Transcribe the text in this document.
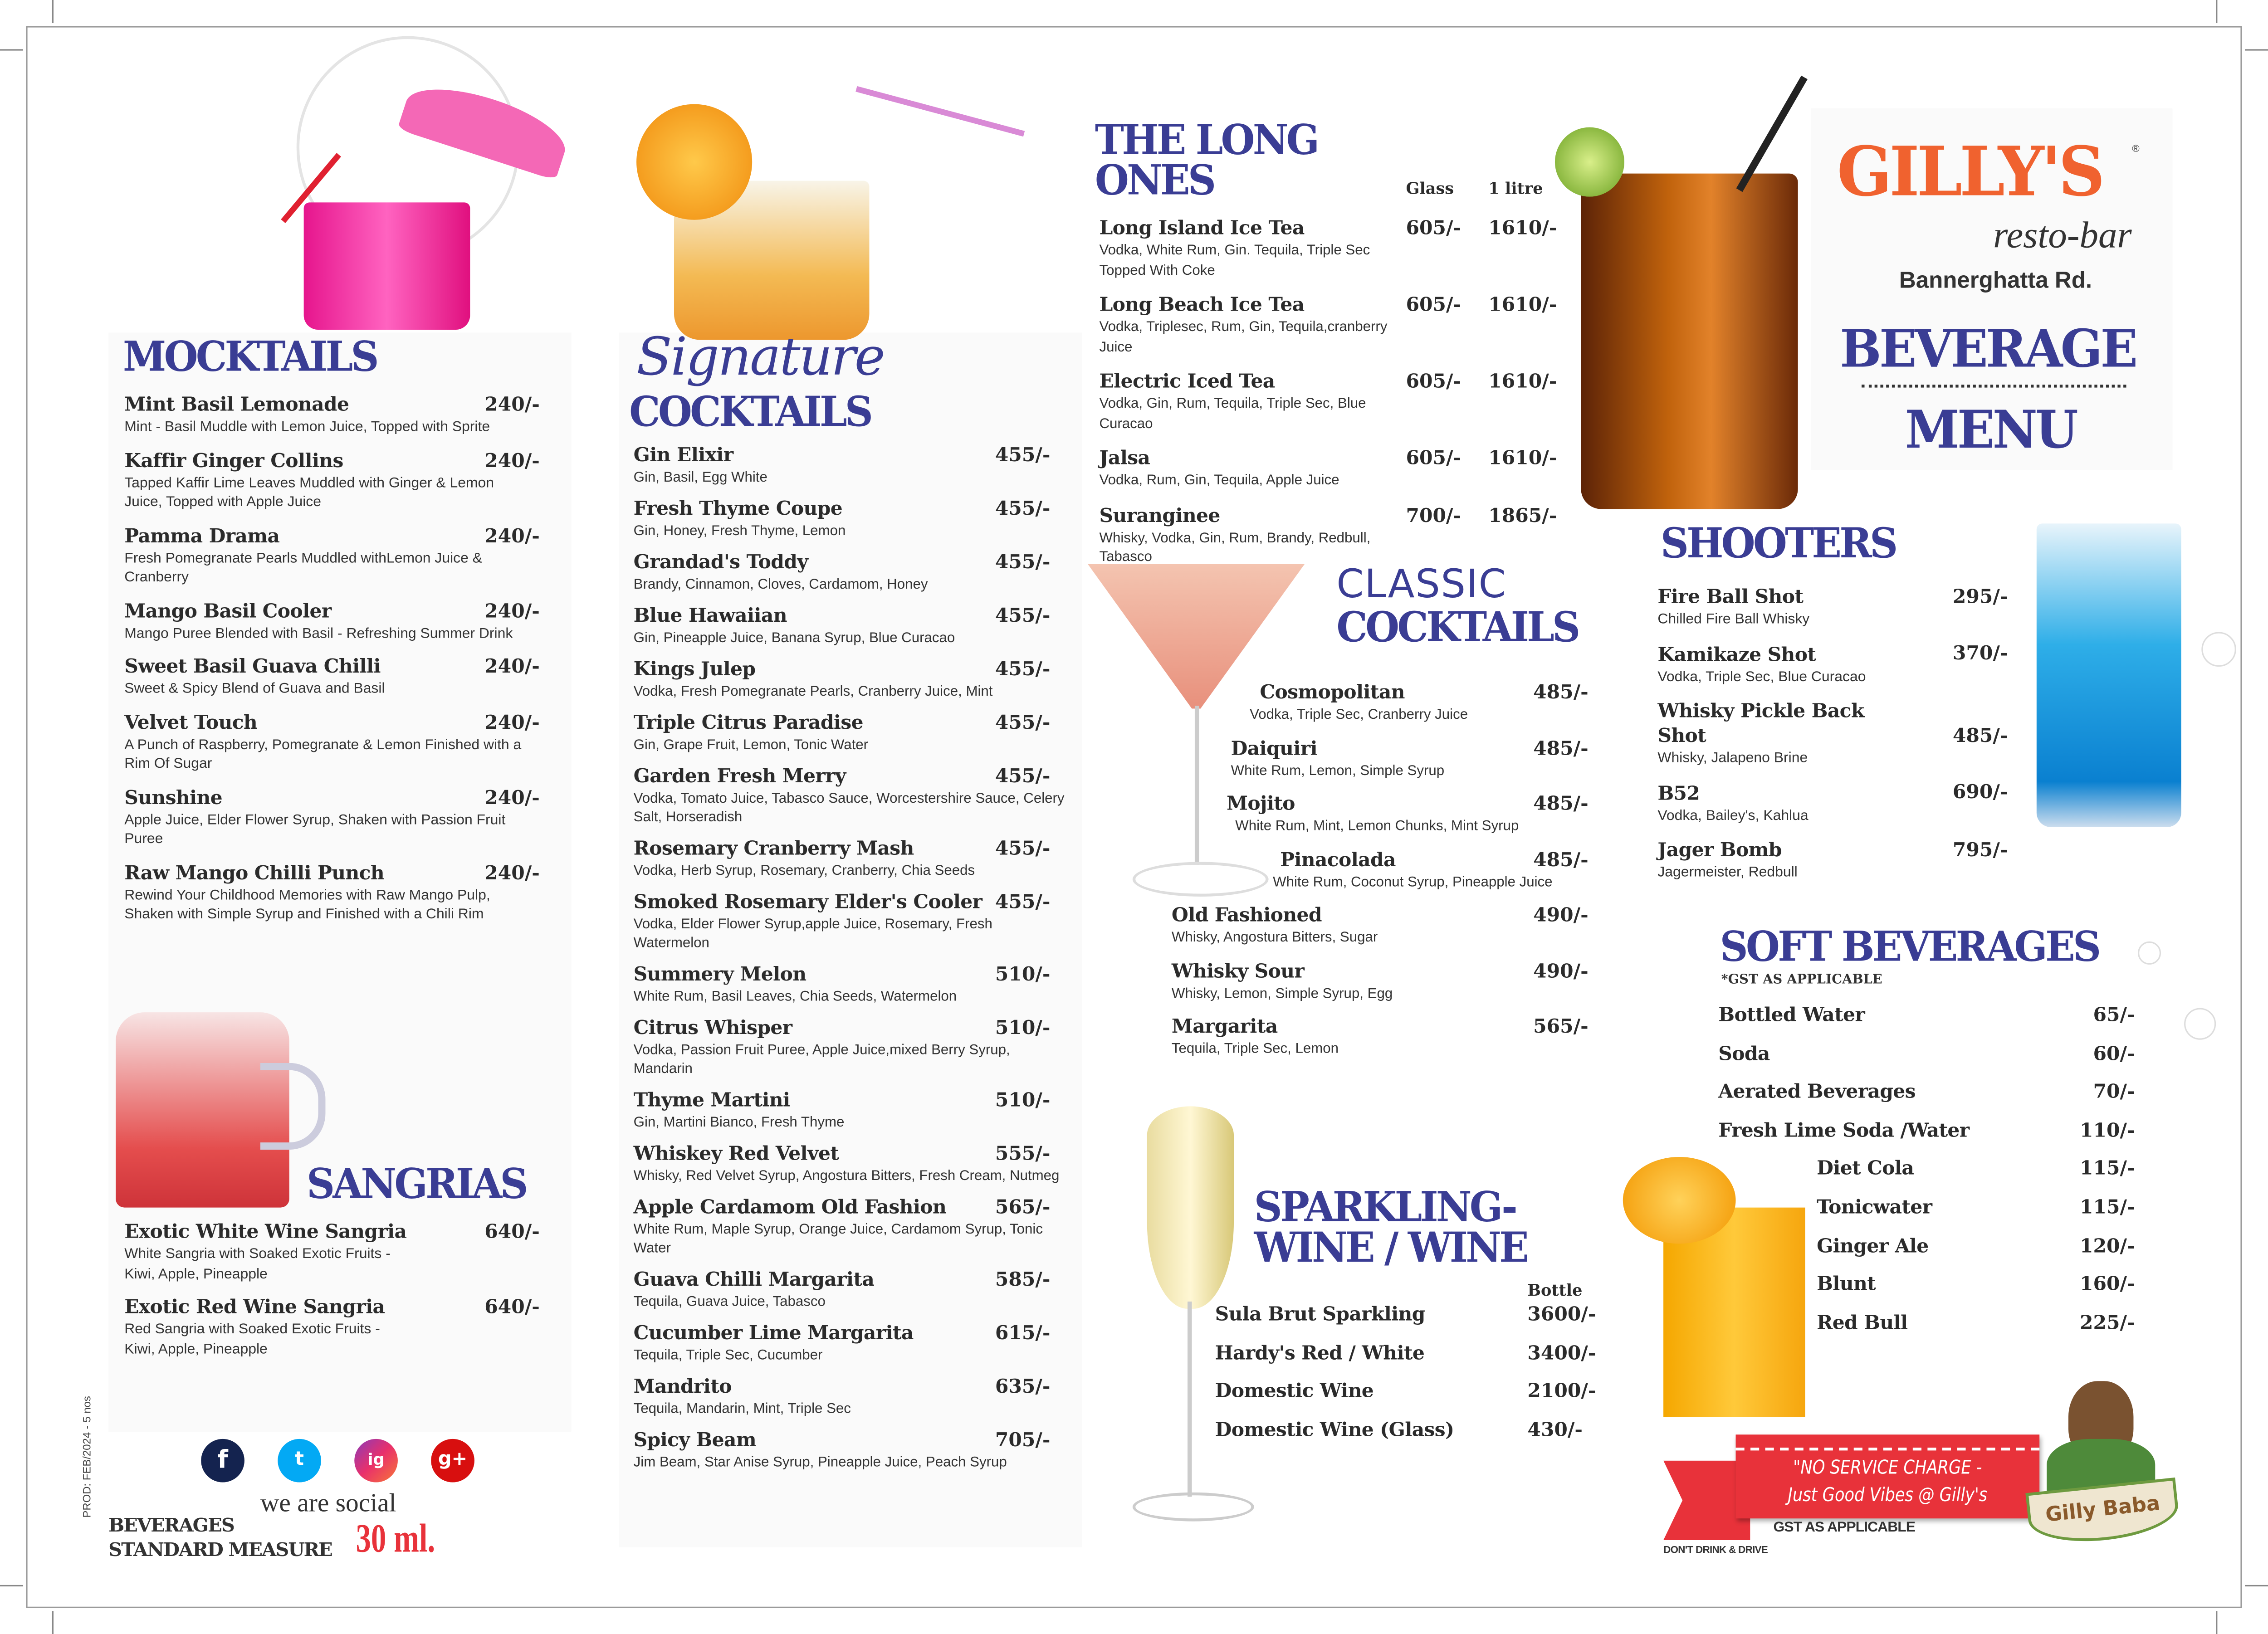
MOCKTAILS
Mint Basil Lemonade	240/-
Mint - Basil Muddle with Lemon Juice, Topped with Sprite
Kaffir Ginger Collins	240/-
Tapped Kaffir Lime Leaves Muddled with Ginger & Lemon Juice, Topped with Apple Juice
Pamma Drama	240/-
Fresh Pomegranate Pearls Muddled withLemon Juice & Cranberry
Mango Basil Cooler	240/-
Mango Puree Blended with Basil - Refreshing Summer Drink
Sweet Basil Guava Chilli	240/-
Sweet & Spicy Blend of Guava and Basil
Velvet Touch	240/-
A Punch of Raspberry, Pomegranate & Lemon Finished with a Rim Of Sugar
Sunshine	240/-
Apple Juice, Elder Flower Syrup, Shaken with Passion Fruit Puree
Raw Mango Chilli Punch	240/-
Rewind Your Childhood Memories with Raw Mango Pulp, Shaken with Simple Syrup and Finished with a Chili Rim
SANGRIAS
Exotic White Wine Sangria	640/-
White Sangria with Soaked Exotic Fruits - Kiwi, Apple, Pineapple
Exotic Red Wine Sangria	640/-
Red Sangria with Soaked Exotic Fruits - Kiwi, Apple, Pineapple
f	t	ig	g+
we are social
BEVERAGES
STANDARD MEASURE 30 ml.
PROD: FEB/2024 - 5 nos
Signature
COCKTAILS
Gin Elixir	455/-
Gin, Basil, Egg White
Fresh Thyme Coupe	455/-
Gin, Honey, Fresh Thyme, Lemon
Grandad's Toddy	455/-
Brandy, Cinnamon, Cloves, Cardamom, Honey
Blue Hawaiian	455/-
Gin, Pineapple Juice, Banana Syrup, Blue Curacao
Kings Julep	455/-
Vodka, Fresh Pomegranate Pearls, Cranberry Juice, Mint
Triple Citrus Paradise	455/-
Gin, Grape Fruit, Lemon, Tonic Water
Garden Fresh Merry	455/-
Vodka, Tomato Juice, Tabasco Sauce, Worcestershire Sauce, Celery Salt, Horseradish
Rosemary Cranberry Mash	455/-
Vodka, Herb Syrup, Rosemary, Cranberry, Chia Seeds
Smoked Rosemary Elder's Cooler	455/-
Vodka, Elder Flower Syrup,apple Juice, Rosemary, Fresh Watermelon
Summery Melon	510/-
White Rum, Basil Leaves, Chia Seeds, Watermelon
Citrus Whisper	510/-
Vodka, Passion Fruit Puree, Apple Juice,mixed Berry Syrup, Mandarin
Thyme Martini	510/-
Gin, Martini Bianco, Fresh Thyme
Whiskey Red Velvet	555/-
Whisky, Red Velvet Syrup, Angostura Bitters, Fresh Cream, Nutmeg
Apple Cardamom Old Fashion	565/-
White Rum, Maple Syrup, Orange Juice, Cardamom Syrup, Tonic Water
Guava Chilli Margarita	585/-
Tequila, Guava Juice, Tabasco
Cucumber Lime Margarita	615/-
Tequila, Triple Sec, Cucumber
Mandrito	635/-
Tequila, Mandarin, Mint, Triple Sec
Spicy Beam	705/-
Jim Beam, Star Anise Syrup, Pineapple Juice, Peach Syrup
THE LONG
ONES	Glass	1 litre
Long Island Ice Tea	605/-	1610/-
Vodka, White Rum, Gin. Tequila, Triple Sec Topped With Coke
Long Beach Ice Tea	605/-	1610/-
Vodka, Triplesec, Rum, Gin, Tequila,cranberry Juice
Electric Iced Tea	605/-	1610/-
Vodka, Gin, Rum, Tequila, Triple Sec, Blue Curacao
Jalsa	605/-	1610/-
Vodka, Rum, Gin, Tequila, Apple Juice
Suranginee	700/-	1865/-
Whisky, Vodka, Gin, Rum, Brandy, Redbull, Tabasco
CLASSIC
COCKTAILS
Cosmopolitan	485/-
Vodka, Triple Sec, Cranberry Juice
Daiquiri	485/-
White Rum, Lemon, Simple Syrup
Mojito	485/-
White Rum, Mint, Lemon Chunks, Mint Syrup
Pinacolada	485/-
White Rum, Coconut Syrup, Pineapple Juice
Old Fashioned	490/-
Whisky, Angostura Bitters, Sugar
Whisky Sour	490/-
Whisky, Lemon, Simple Syrup, Egg
Margarita	565/-
Tequila, Triple Sec, Lemon
SPARKLING-
WINE / WINE
Bottle
Sula Brut Sparkling	3600/-
Hardy's Red / White	3400/-
Domestic Wine	2100/-
Domestic Wine (Glass)	430/-
GILLY'S	®
resto-bar
Bannerghatta Rd.
BEVERAGE
MENU
SHOOTERS
Fire Ball Shot	295/-
Chilled Fire Ball Whisky
Kamikaze Shot	370/-
Vodka, Triple Sec, Blue Curacao
Whisky Pickle Back Shot	485/-
Whisky, Jalapeno Brine
B52	690/-
Vodka, Bailey's, Kahlua
Jager Bomb	795/-
Jagermeister, Redbull
SOFT BEVERAGES
*GST AS APPLICABLE
Bottled Water	65/-
Soda	60/-
Aerated Beverages	70/-
Fresh Lime Soda /Water	110/-
Diet Cola	115/-
Tonicwater	115/-
Ginger Ale	120/-
Blunt	160/-
Red Bull	225/-
"NO SERVICE CHARGE -
Just Good Vibes @ Gilly's
GST AS APPLICABLE
DON'T DRINK & DRIVE
Gilly Baba
